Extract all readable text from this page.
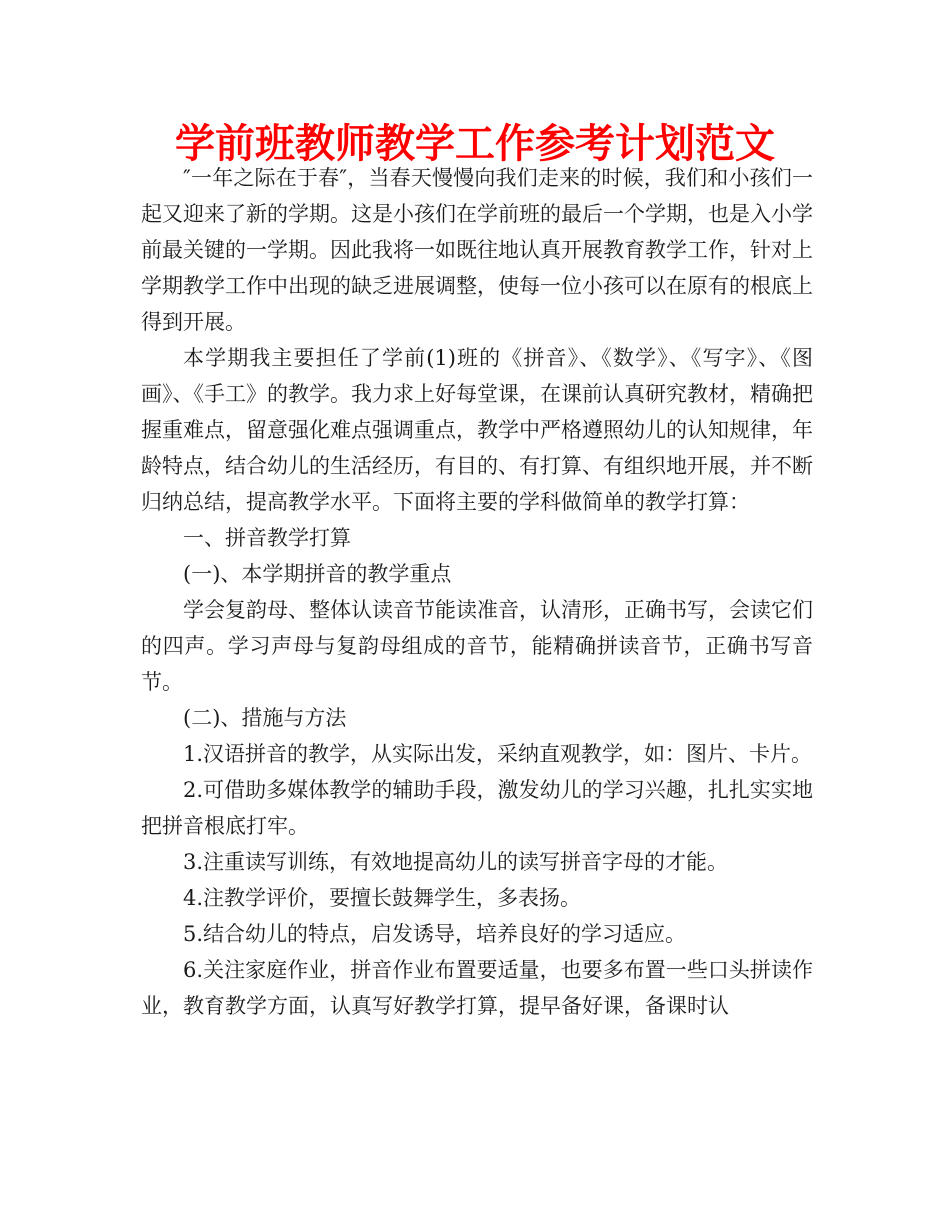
学前班教师教学工作参考计划范文

″一年之际在于春″，当春天慢慢向我们走来的时候，我们和小孩们一起又迎来了新的学期。这是小孩们在学前班的最后一个学期，也是入小学前最关键的一学期。因此我将一如既往地认真开展教育教学工作，针对上学期教学工作中出现的缺乏进展调整，使每一位小孩可以在原有的根底上得到开展。

本学期我主要担任了学前(1)班的《拼音》、《数学》、《写字》、《图画》、《手工》的教学。我力求上好每堂课，在课前认真研究教材，精确把握重难点，留意强化难点强调重点，教学中严格遵照幼儿的认知规律，年龄特点，结合幼儿的生活经历，有目的、有打算、有组织地开展，并不断归纳总结，提高教学水平。下面将主要的学科做简单的教学打算：

一、拼音教学打算

(一)、本学期拼音的教学重点

学会复韵母、整体认读音节能读准音，认清形，正确书写，会读它们的四声。学习声母与复韵母组成的音节，能精确拼读音节，正确书写音节。

(二)、措施与方法

1.汉语拼音的教学，从实际出发，采纳直观教学，如：图片、卡片。

2.可借助多媒体教学的辅助手段，激发幼儿的学习兴趣，扎扎实实地把拼音根底打牢。

3.注重读写训练，有效地提高幼儿的读写拼音字母的才能。

4.注教学评价，要擅长鼓舞学生，多表扬。

5.结合幼儿的特点，启发诱导，培养良好的学习适应。

6.关注家庭作业，拼音作业布置要适量，也要多布置一些口头拼读作业，教育教学方面，认真写好教学打算，提早备好课，备课时认
